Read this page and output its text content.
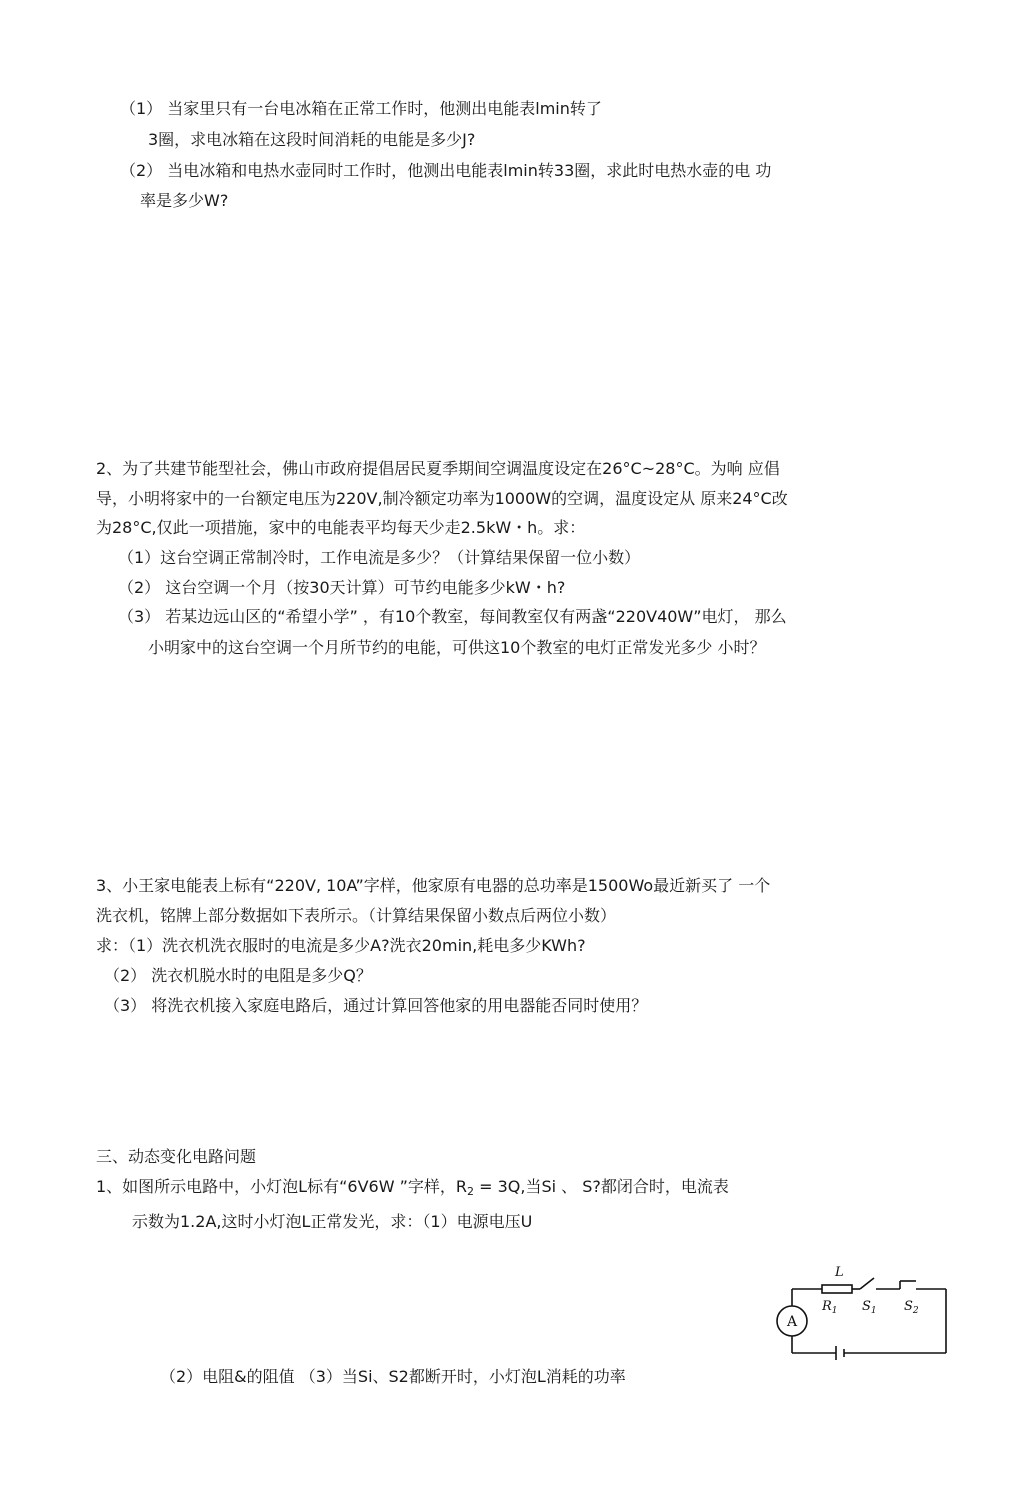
（1） 当家里只有一台电冰箱在正常工作时，他测出电能表lmin转了
3圈，求电冰箱在这段时间消耗的电能是多少J?
（2） 当电冰箱和电热水壶同时工作时，他测出电能表lmin转33圈，求此时电热水壶的电 功
率是多少W?
2、为了共建节能型社会，佛山市政府提倡居民夏季期间空调温度设定在26°C~28°C。为响 应倡
导，小明将家中的一台额定电压为220V,制冷额定功率为1000W的空调，温度设定从 原来24°C改
为28°C,仅此一项措施，家中的电能表平均每天少走2.5kW・h。求：
（1）这台空调正常制冷时，工作电流是多少？（计算结果保留一位小数）
（2） 这台空调一个月（按30天计算）可节约电能多少kW・h?
（3） 若某边远山区的“希望小学” ，有10个教室，每间教室仅有两盏“220V40W”电灯， 那么
小明家中的这台空调一个月所节约的电能，可供这10个教室的电灯正常发光多少 小时？
3、小王家电能表上标有“220V, 10A”字样，他家原有电器的总功率是1500Wo最近新买了 一个
洗衣机，铭牌上部分数据如下表所示。（计算结果保留小数点后两位小数）
求：（1）洗衣机洗衣服时的电流是多少A?洗衣20min,耗电多少KWh?
（2） 洗衣机脱水时的电阻是多少Q？
（3） 将洗衣机接入家庭电路后，通过计算回答他家的用电器能否同时使用？
三、动态变化电路问题
1、如图所示电路中，小灯泡L标有“6V6W ”字样，$R_2 = 3Q$,当Si 、 S?都闭合时，电流表
示数为1.2A,这时小灯泡L正常发光，求：（1）电源电压U
（2）电阻&的阻值 （3）当Si、S2都断开时，小灯泡L消耗的功率
L
$R_1$ $S_1$ $S_2$
A
